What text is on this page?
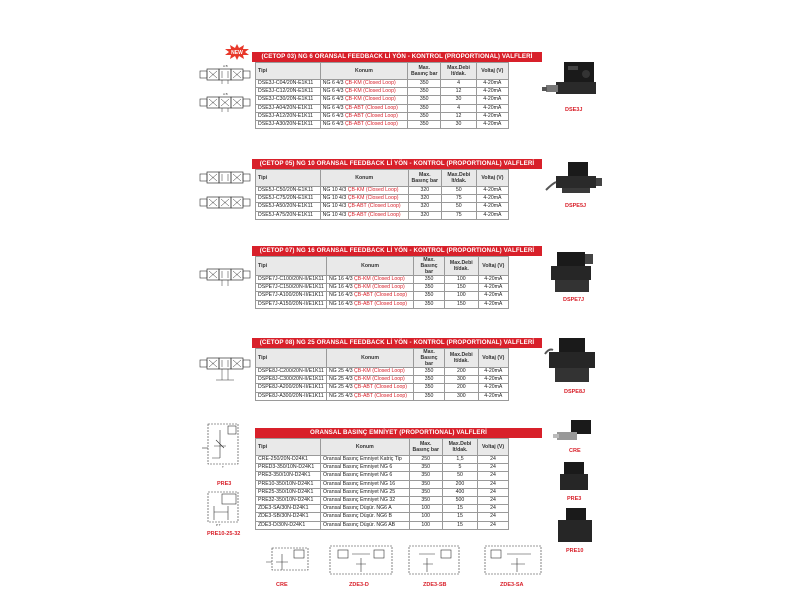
NEW	(CETOP 03) NG 6 ORANSAL FEEDBACK Lİ YÖN - KONTROL (PROPORTIONAL) VALFLERİ
Tipi	Konum	Max. Basınç bar	Max.Debi lt/dak.	Voltaj (V)
DSE3J-C04/20N-E1K11	NG 6 4/3 ÇB-KM (Closed Loop)	350	4	4-20mA
DSE3J-C12/20N-E1K11	NG 6 4/3 ÇB-KM (Closed Loop)	350	12	4-20mA
DSE3J-C30/20N-E1K11	NG 6 4/3 ÇB-KM (Closed Loop)	350	30	4-20mA
DSE3J-A04/20N-E1K11	NG 6 4/3 ÇB-ABT (Closed Loop)	350	4	4-20mA
DSE3J-A12/20N-E1K11	NG 6 4/3 ÇB-ABT (Closed Loop)	350	12	4-20mA
DSE3J-A30/20N-E1K11	NG 6 4/3 ÇB-ABT (Closed Loop)	350	30	4-20mA
A B
A B
DSE3J
(CETOP 05) NG 10 ORANSAL FEEDBACK Lİ YÖN - KONTROL (PROPORTIONAL) VALFLERİ
Tipi	Konum	Max. Basınç bar	Max.Debi lt/dak.	Voltaj (V)
DSE5J-C50/20N-E1K11	NG 10 4/3 ÇB-KM (Closed Loop)	320	50	4-20mA
DSE5J-C75/20N-E1K11	NG 10 4/3 ÇB-KM (Closed Loop)	320	75	4-20mA
DSE5J-A50/20N-E1K11	NG 10 4/3 ÇB-ABT (Closed Loop)	320	50	4-20mA
DSE5J-A75/20N-E1K11	NG 10 4/3 ÇB-ABT (Closed Loop)	320	75	4-20mA
DSPE5J
(CETOP 07) NG 16 ORANSAL FEEDBACK Lİ YÖN - KONTROL (PROPORTIONAL) VALFLERİ
Tipi	Konum	Max. Basınç bar	Max.Debi lt/dak.	Voltaj (V)
DSPE7J-C100/20N-II/E1K11	NG 16 4/3 ÇB-KM (Closed Loop)	350	100	4-20mA
DSPE7J-C150/20N-II/E1K11	NG 16 4/3 ÇB-KM (Closed Loop)	350	150	4-20mA
DSPE7J-A100/20N-II/E1K11	NG 16 4/3 ÇB-ABT (Closed Loop)	350	100	4-20mA
DSPE7J-A150/20N-II/E1K11	NG 16 4/3 ÇB-ABT (Closed Loop)	350	150	4-20mA
DSPE7J
(CETOP 08) NG 25 ORANSAL FEEDBACK Lİ YÖN - KONTROL (PROPORTIONAL) VALFLERİ
Tipi	Konum	Max. Basınç bar	Max.Debi lt/dak.	Voltaj (V)
DSPE8J-C200/20N-II/E1K11	NG 25 4/3 ÇB-KM (Closed Loop)	350	200	4-20mA
DSPE8J-C300/20N-II/E1K11	NG 25 4/3 ÇB-KM (Closed Loop)	350	300	4-20mA
DSPE8J-A200/20N-II/E1K11	NG 25 4/3 ÇB-ABT (Closed Loop)	350	200	4-20mA
DSPE8J-A300/20N-II/E1K11	NG 25 4/3 ÇB-ABT (Closed Loop)	350	300	4-20mA
DSPE8J
ORANSAL BASINÇ EMNİYET (PROPORTIONAL) VALFLERİ
Tipi	Konum	Max. Basınç bar	Max.Debi lt/dak.	Voltaj (V)
CRE-250/20N-D24K1	Oransal Basınç Emniyet Katriç Tip	250	1,5	24
PRED3-350/10N-D24K1	Oransal Basınç Emniyet NG 6	350	5	24
PRE3-350/10N-D24K1	Oransal Basınç Emniyet NG 6	350	50	24
PRE10-350/10N-D24K1	Oransal Basınç Emniyet NG 16	350	200	24
PRE25-350/10N-D24K1	Oransal Basınç Emniyet NG 25	350	400	24
PRE32-350/10N-D24K1	Oransal Basınç Emniyet NG 32	350	500	24
ZDE3-SA/30N-D24K1	Oransal Basınç Düşür. NG6 A	100	15	24
ZDE3-SB/30N-D24K1	Oransal Basınç Düşür. NG6 B	100	15	24
ZDE3-D/30N-D24K1	Oransal Basınç Düşür. NG6 AB	100	15	24
T
PRE3
P T
PRE10-25-32
CRE
PRE3
PRE10
CRE	ZDE3-D	ZDE3-SB	ZDE3-SA
